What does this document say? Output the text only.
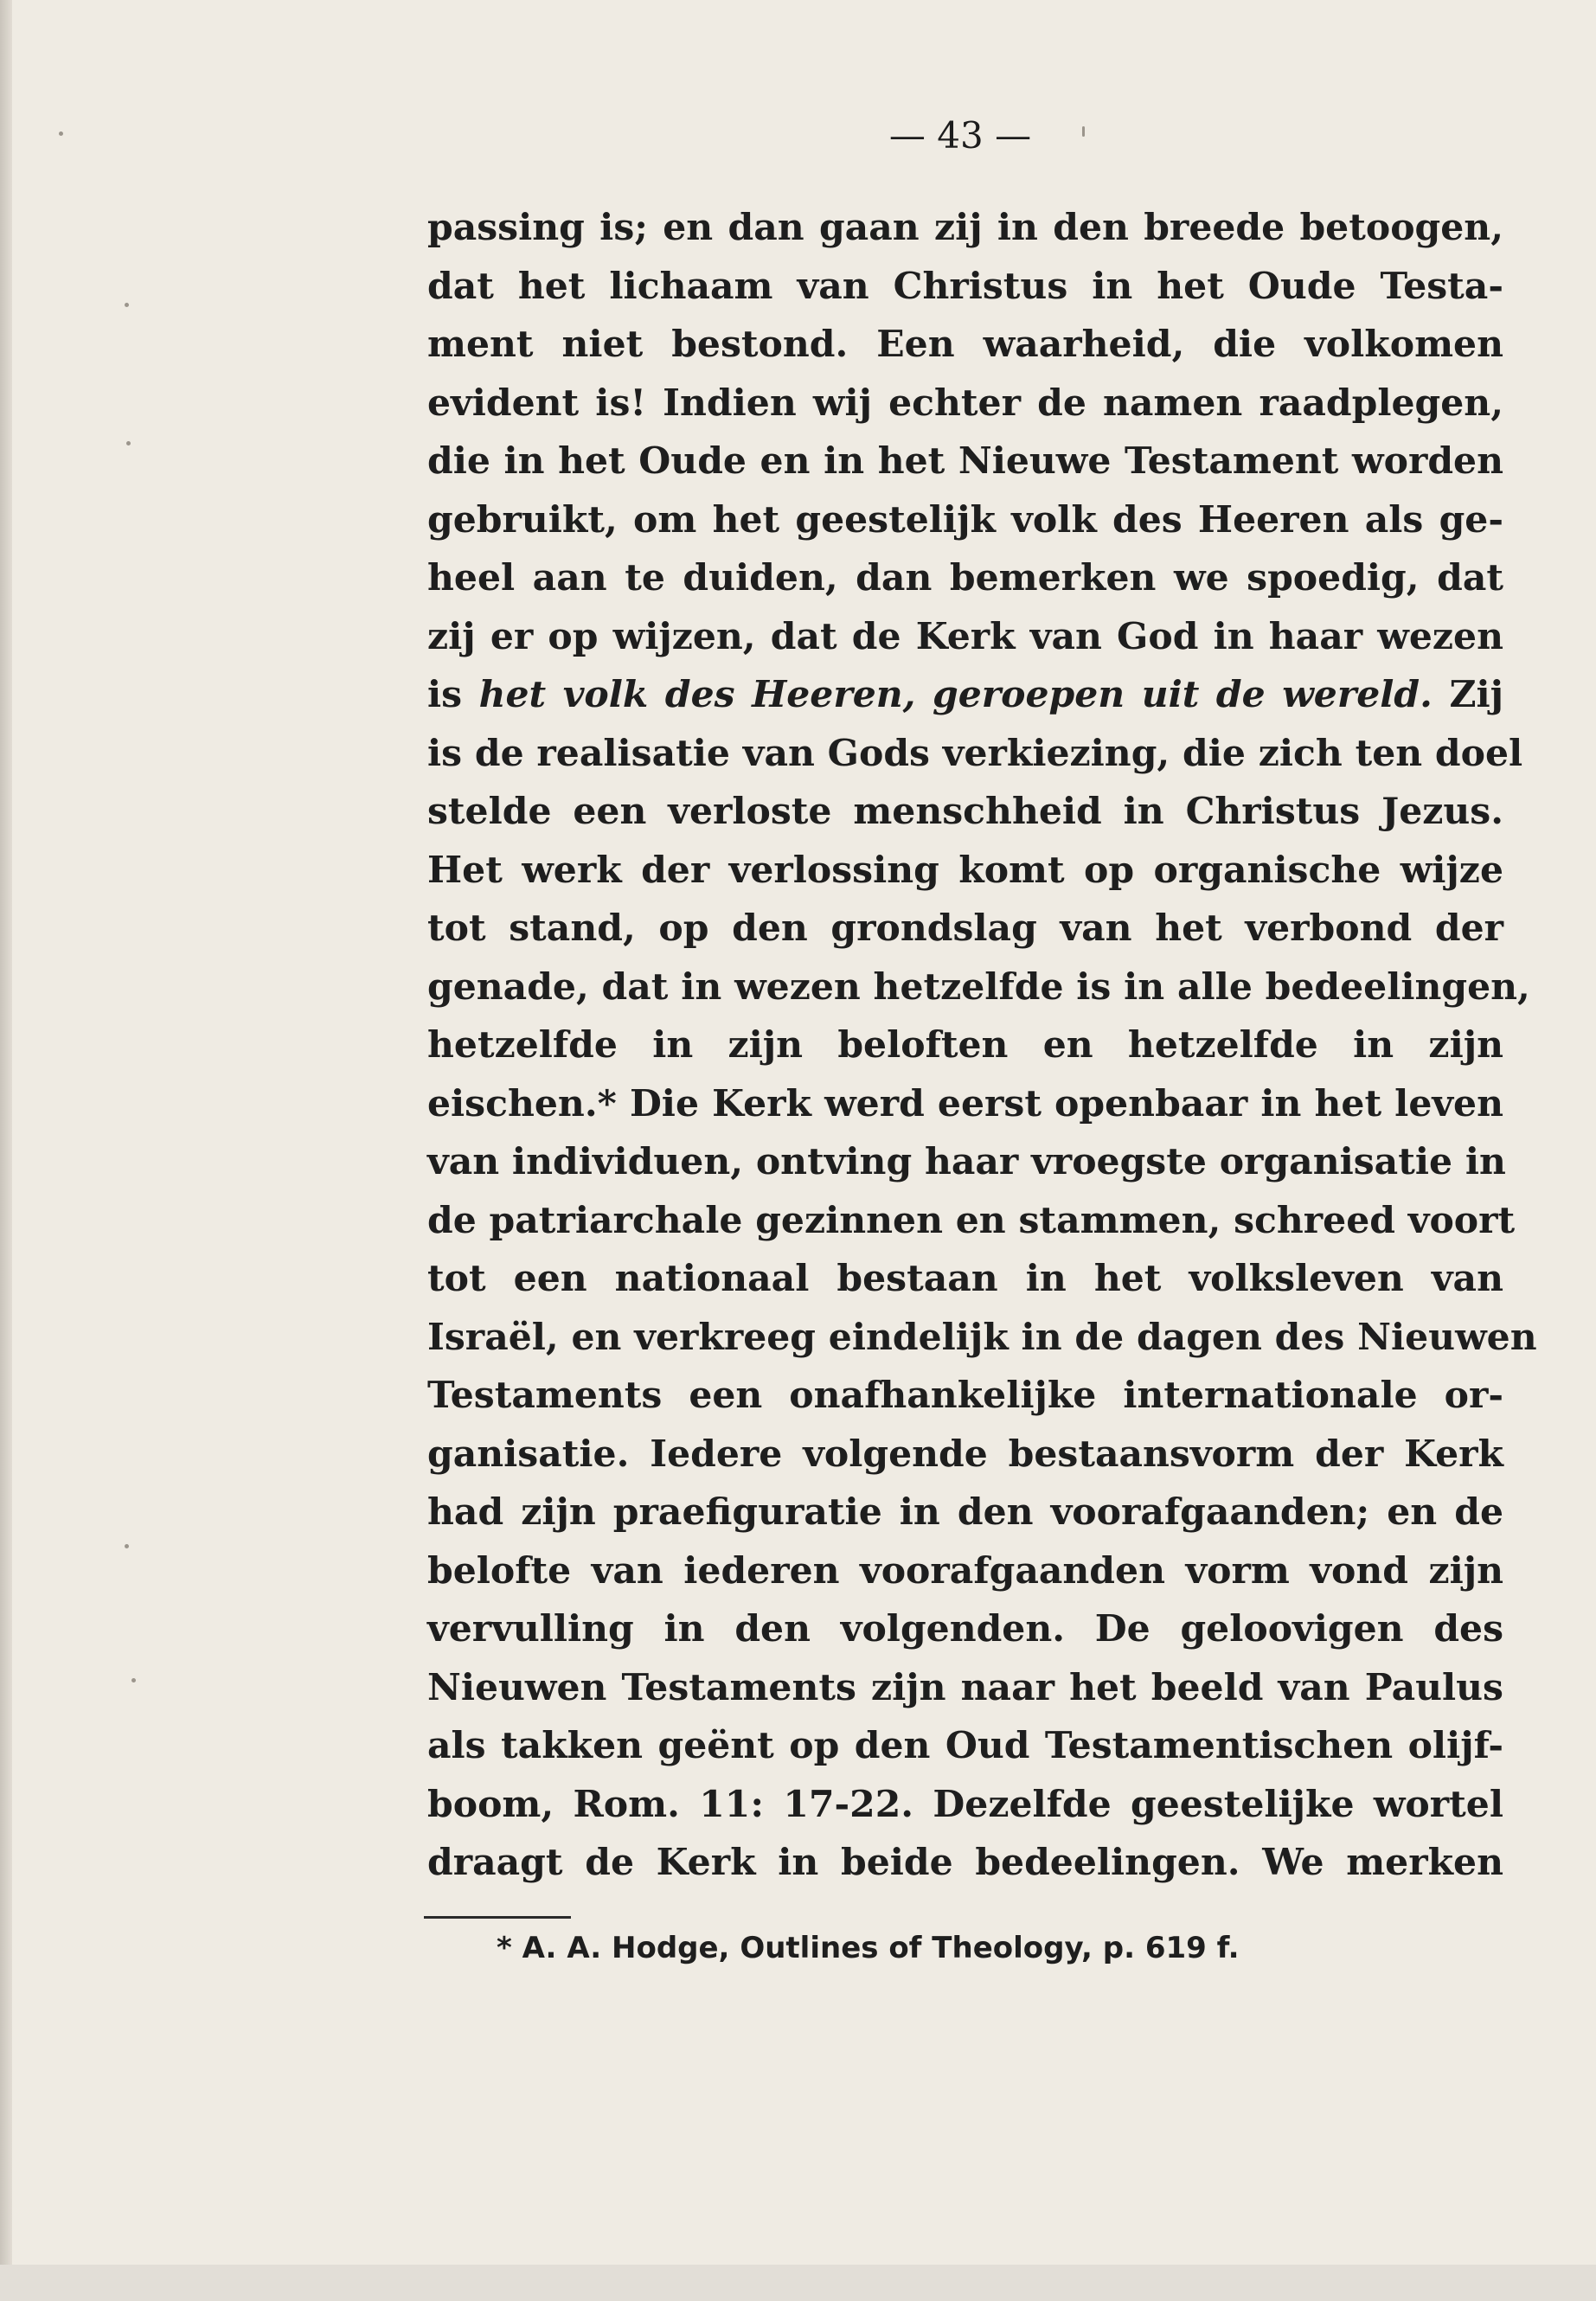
— 43 —
passing is; en dan gaan zij in den breede betoogen,
dat het lichaam van Christus in het Oude Testa-
ment niet bestond. Een waarheid, die volkomen
evident is! Indien wij echter de namen raadplegen,
die in het Oude en in het Nieuwe Testament worden
gebruikt, om het geestelijk volk des Heeren als ge-
heel aan te duiden, dan bemerken we spoedig, dat
zij er op wijzen, dat de Kerk van God in haar wezen
is het volk des Heeren, geroepen uit de wereld. Zij
is de realisatie van Gods verkiezing, die zich ten doel
stelde een verloste menschheid in Christus Jezus.
Het werk der verlossing komt op organische wijze
tot stand, op den grondslag van het verbond der
genade, dat in wezen hetzelfde is in alle bedeelingen,
hetzelfde in zijn beloften en hetzelfde in zijn
eischen.* Die Kerk werd eerst openbaar in het leven
van individuen, ontving haar vroegste organisatie in
de patriarchale gezinnen en stammen, schreed voort
tot een nationaal bestaan in het volksleven van
Israël, en verkreeg eindelijk in de dagen des Nieuwen
Testaments een onafhankelijke internationale or-
ganisatie. Iedere volgende bestaansvorm der Kerk
had zijn praefiguratie in den voorafgaanden; en de
belofte van iederen voorafgaanden vorm vond zijn
vervulling in den volgenden. De geloovigen des
Nieuwen Testaments zijn naar het beeld van Paulus
als takken geënt op den Oud Testamentischen olijf-
boom, Rom. 11: 17-22. Dezelfde geestelijke wortel
draagt de Kerk in beide bedeelingen. We merken
* A. A. Hodge, Outlines of Theology, p. 619 f.
